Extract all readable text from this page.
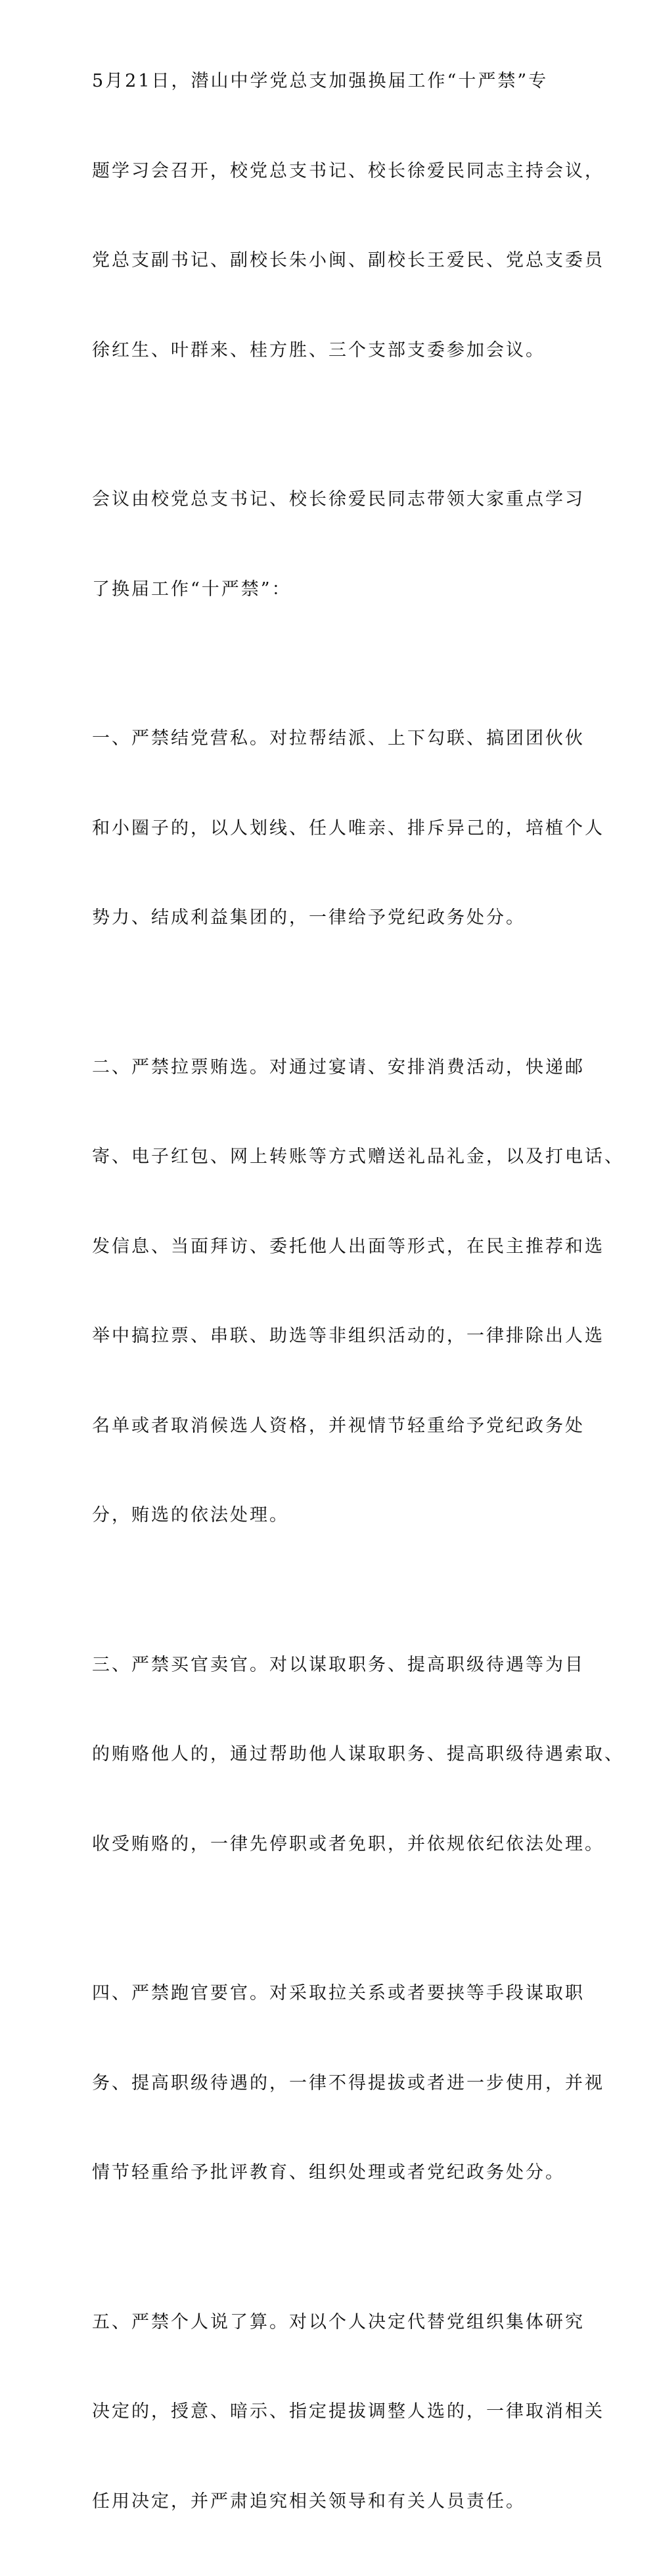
5月21日，潜山中学党总支加强换届工作“十严禁”专

题学习会召开，校党总支书记、校长徐爱民同志主持会议，

党总支副书记、副校长朱小闽、副校长王爱民、党总支委员

徐红生、叶群来、桂方胜、三个支部支委参加会议。

会议由校党总支书记、校长徐爱民同志带领大家重点学习

了换届工作“十严禁”：

一、严禁结党营私。对拉帮结派、上下勾联、搞团团伙伙

和小圈子的，以人划线、任人唯亲、排斥异己的，培植个人

势力、结成利益集团的，一律给予党纪政务处分。

二、严禁拉票贿选。对通过宴请、安排消费活动，快递邮

寄、电子红包、网上转账等方式赠送礼品礼金，以及打电话、

发信息、当面拜访、委托他人出面等形式，在民主推荐和选

举中搞拉票、串联、助选等非组织活动的，一律排除出人选

名单或者取消候选人资格，并视情节轻重给予党纪政务处

分，贿选的依法处理。

三、严禁买官卖官。对以谋取职务、提高职级待遇等为目

的贿赂他人的，通过帮助他人谋取职务、提高职级待遇索取、

收受贿赂的，一律先停职或者免职，并依规依纪依法处理。

四、严禁跑官要官。对采取拉关系或者要挟等手段谋取职

务、提高职级待遇的，一律不得提拔或者进一步使用，并视

情节轻重给予批评教育、组织处理或者党纪政务处分。

五、严禁个人说了算。对以个人决定代替党组织集体研究

决定的，授意、暗示、指定提拔调整人选的，一律取消相关

任用决定，并严肃追究相关领导和有关人员责任。
